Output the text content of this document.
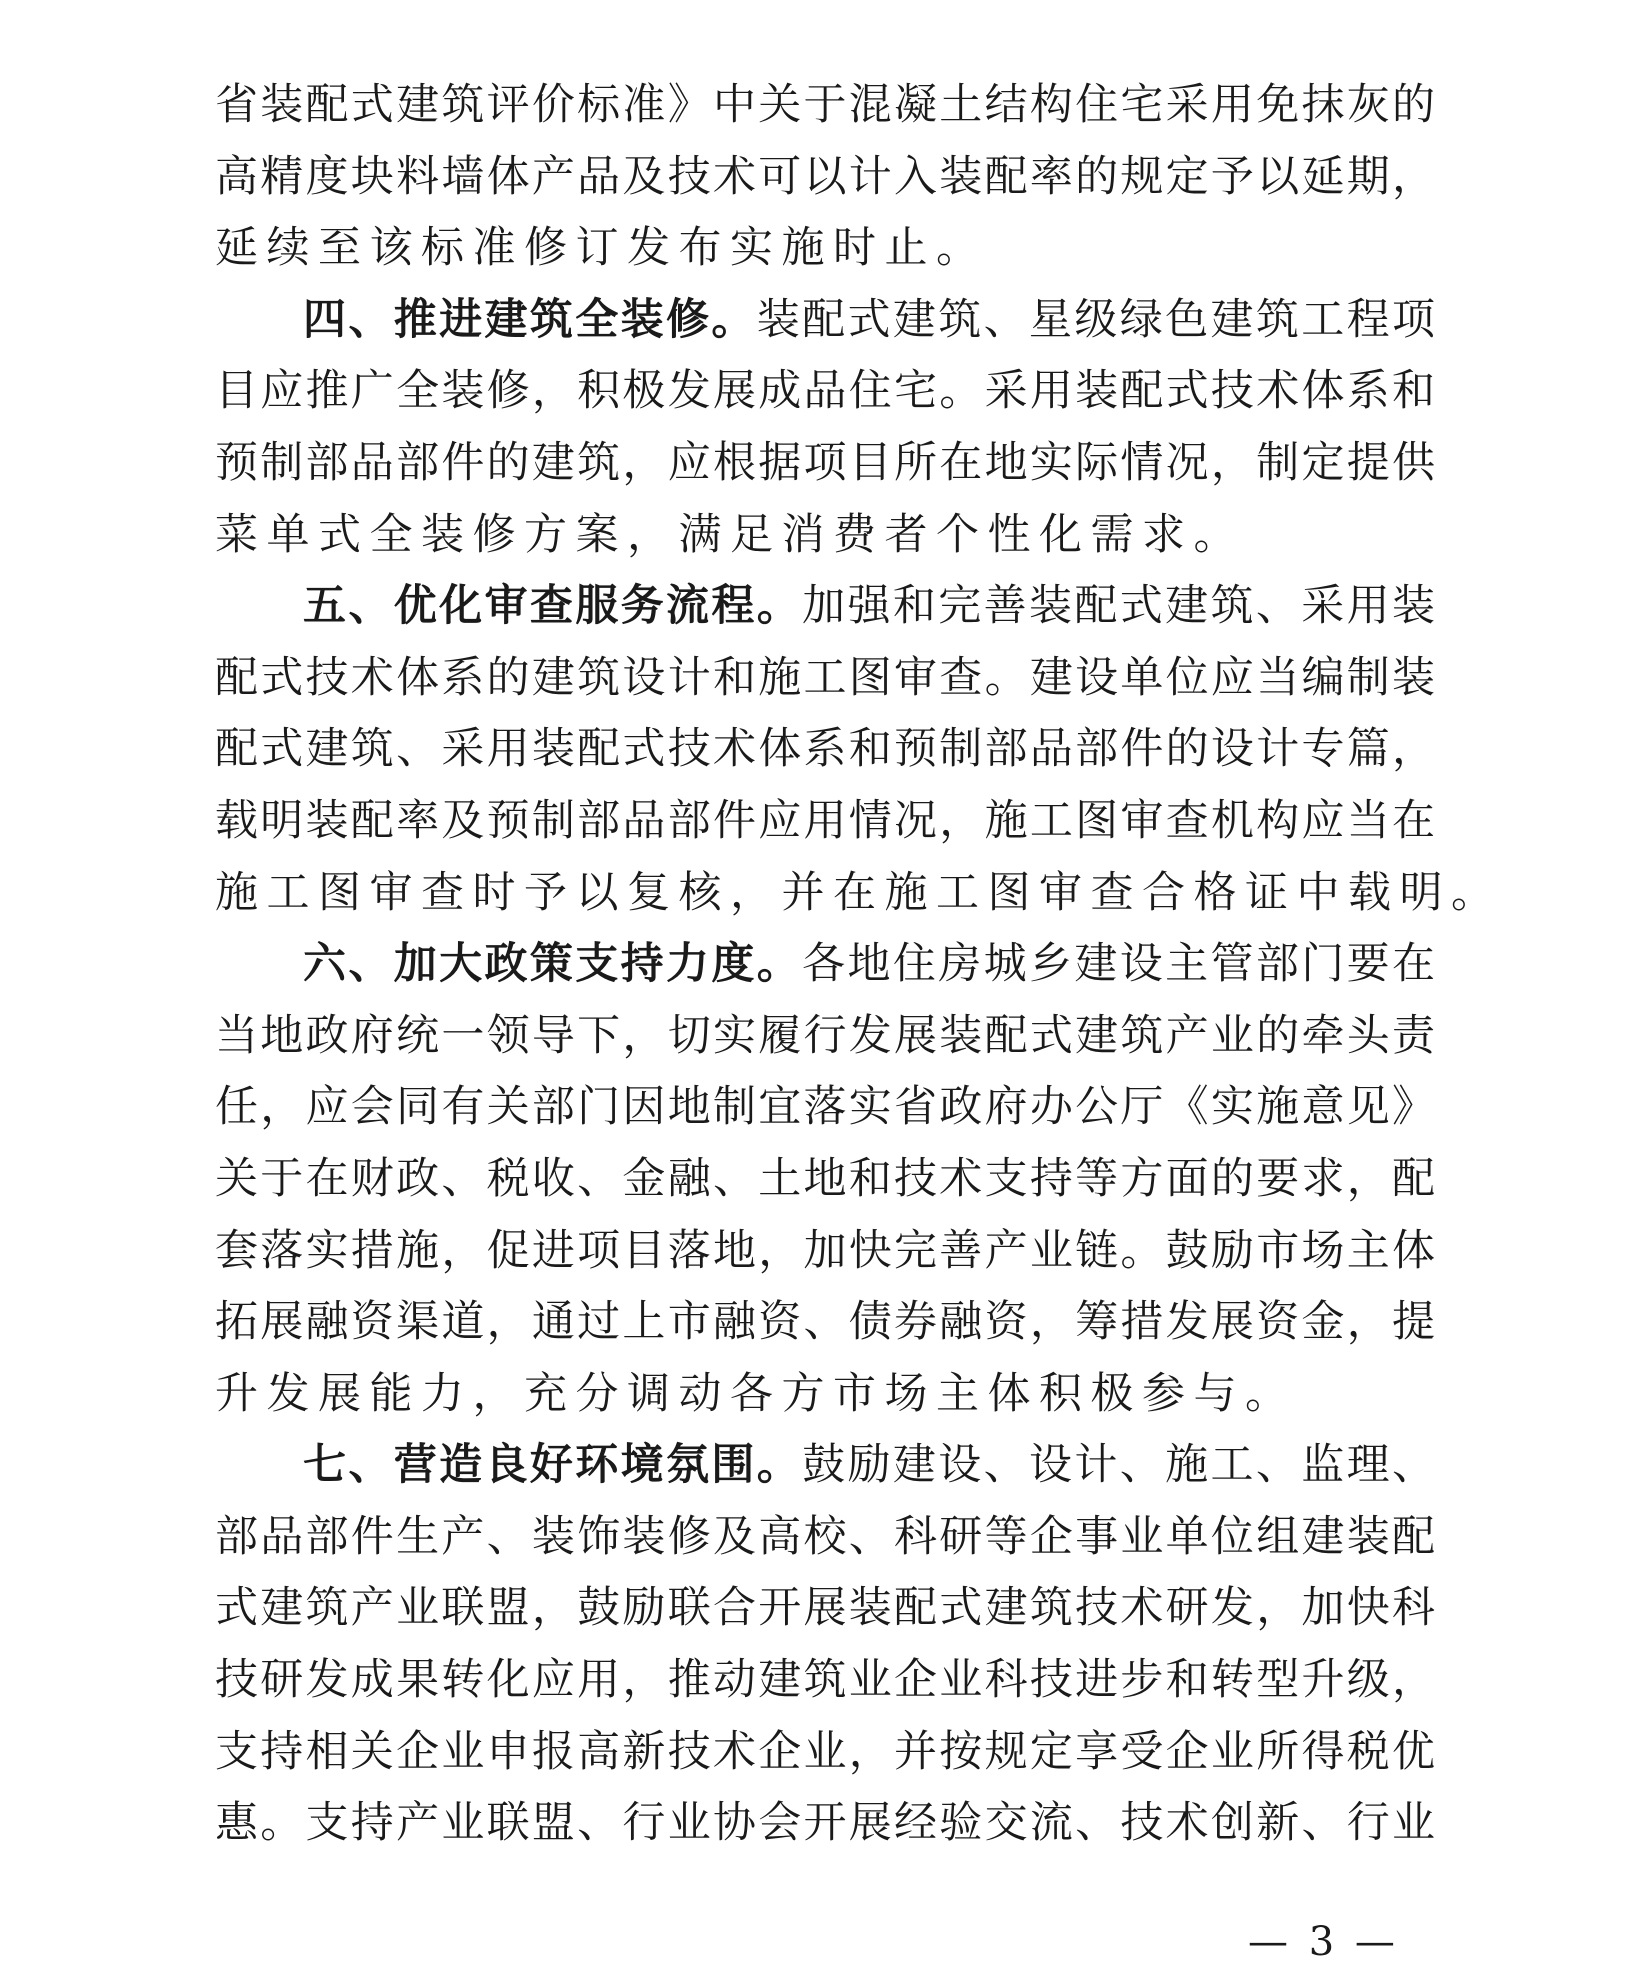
省装配式建筑评价标准》中关于混凝土结构住宅采用免抹灰的
高精度块料墙体产品及技术可以计入装配率的规定予以延期，
延续至该标准修订发布实施时止。
四、推进建筑全装修。装配式建筑、星级绿色建筑工程项
目应推广全装修，积极发展成品住宅。采用装配式技术体系和
预制部品部件的建筑，应根据项目所在地实际情况，制定提供
菜单式全装修方案，满足消费者个性化需求。
五、优化审查服务流程。加强和完善装配式建筑、采用装
配式技术体系的建筑设计和施工图审查。建设单位应当编制装
配式建筑、采用装配式技术体系和预制部品部件的设计专篇，
载明装配率及预制部品部件应用情况，施工图审查机构应当在
施工图审查时予以复核，并在施工图审查合格证中载明。
六、加大政策支持力度。各地住房城乡建设主管部门要在
当地政府统一领导下，切实履行发展装配式建筑产业的牵头责
任，应会同有关部门因地制宜落实省政府办公厅《实施意见》
关于在财政、税收、金融、土地和技术支持等方面的要求，配
套落实措施，促进项目落地，加快完善产业链。鼓励市场主体
拓展融资渠道，通过上市融资、债券融资，筹措发展资金，提
升发展能力，充分调动各方市场主体积极参与。
七、营造良好环境氛围。鼓励建设、设计、施工、监理、
部品部件生产、装饰装修及高校、科研等企事业单位组建装配
式建筑产业联盟，鼓励联合开展装配式建筑技术研发，加快科
技研发成果转化应用，推动建筑业企业科技进步和转型升级，
支持相关企业申报高新技术企业，并按规定享受企业所得税优
惠。支持产业联盟、行业协会开展经验交流、技术创新、行业
— 3 —
